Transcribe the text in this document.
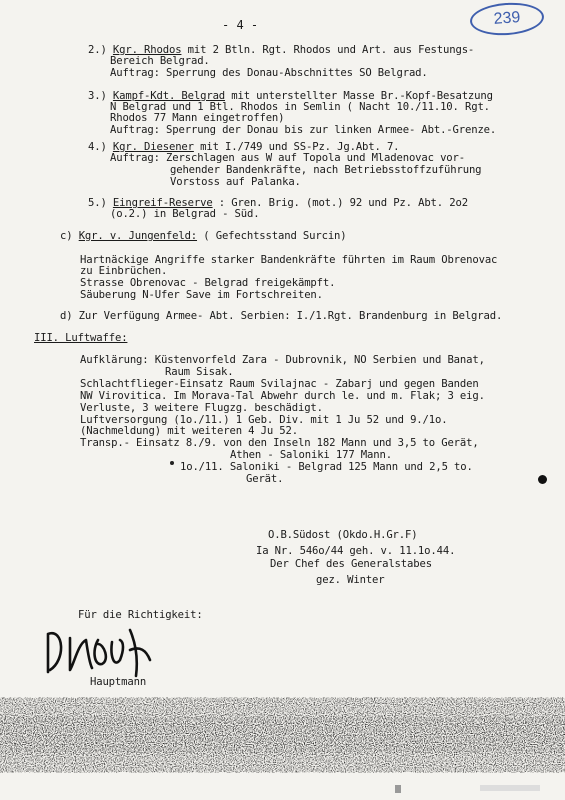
239
- 4 -
2.) Kgr. Rhodos mit 2 Btln. Rgt. Rhodos und Art. aus Festungs-
Bereich Belgrad.
Auftrag: Sperrung des Donau-Abschnittes SO Belgrad.
3.) Kampf-Kdt. Belgrad mit unterstellter Masse Br.-Kopf-Besatzung
N Belgrad und 1 Btl. Rhodos in Semlin ( Nacht 10./11.10. Rgt.
Rhodos 77 Mann eingetroffen)
Auftrag: Sperrung der Donau bis zur linken Armee- Abt.-Grenze.
4.) Kgr. Diesener mit I./749 und SS-Pz. Jg.Abt. 7.
Auftrag: Zerschlagen aus W auf Topola und Mladenovac vor-
gehender Bandenkräfte, nach Betriebsstoffzuführung
Vorstoss auf Palanka.
5.) Eingreif-Reserve : Gren. Brig. (mot.) 92 und Pz. Abt. 2o2
(o.2.) in Belgrad - Süd.
c) Kgr. v. Jungenfeld: ( Gefechtsstand Surcin)
Hartnäckige Angriffe starker Bandenkräfte führten im Raum Obrenovac
zu Einbrüchen.
Strasse Obrenovac - Belgrad freigekämpft.
Säuberung N-Ufer Save im Fortschreiten.
d) Zur Verfügung Armee- Abt. Serbien: I./1.Rgt. Brandenburg in Belgrad.
III. Luftwaffe:
Aufklärung: Küstenvorfeld Zara - Dubrovnik, NO Serbien und Banat,
Raum Sisak.
Schlachtflieger-Einsatz Raum Svilajnac - Zabarj und gegen Banden
NW Virovitica. Im Morava-Tal Abwehr durch le. und m. Flak; 3 eig.
Verluste, 3 weitere Flugzg. beschädigt.
Luftversorgung (1o./11.) 1 Geb. Div. mit 1 Ju 52 und 9./1o.
(Nachmeldung) mit weiteren 4 Ju 52.
Transp.- Einsatz 8./9. von den Inseln 182 Mann und 3,5 to Gerät,
Athen - Saloniki 177 Mann.
1o./11. Saloniki - Belgrad 125 Mann und 2,5 to.
Gerät.
O.B.Südost (Okdo.H.Gr.F)
Ia Nr. 546o/44 geh. v. 11.1o.44.
Der Chef des Generalstabes
gez. Winter
Für die Richtigkeit:
Hauptmann
